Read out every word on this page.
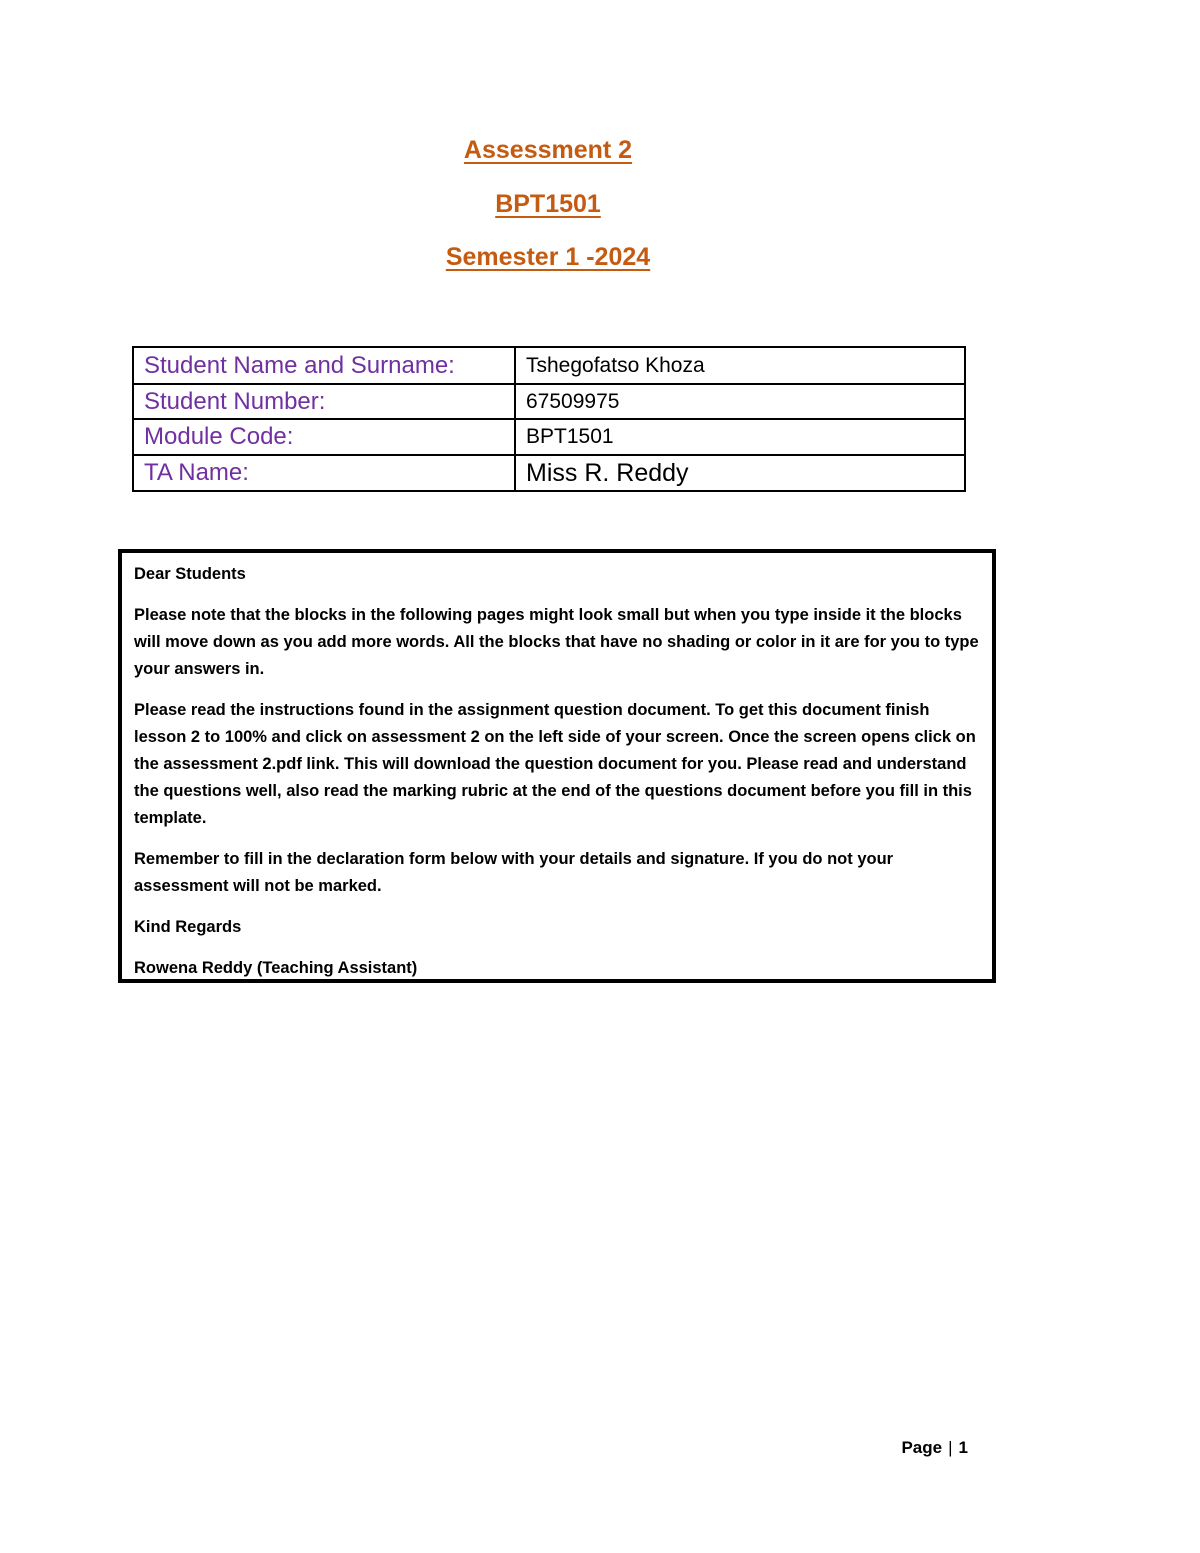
Assessment 2
BPT1501
Semester 1 -2024
Student Name and Surname:	Tshegofatso Khoza
Student Number:	67509975
Module Code:	BPT1501
TA Name:	Miss R. Reddy

Dear Students

Please note that the blocks in the following pages might look small but when you type inside it the blocks will move down as you add more words. All the blocks that have no shading or color in it are for you to type your answers in.

Please read the instructions found in the assignment question document. To get this document finish lesson 2 to 100% and click on assessment 2 on the left side of your screen. Once the screen opens click on the assessment 2.pdf link. This will download the question document for you. Please read and understand the questions well, also read the marking rubric at the end of the questions document before you fill in this template.

Remember to fill in the declaration form below with your details and signature. If you do not your assessment will not be marked.

Kind Regards

Rowena Reddy (Teaching Assistant)

Page | 1
